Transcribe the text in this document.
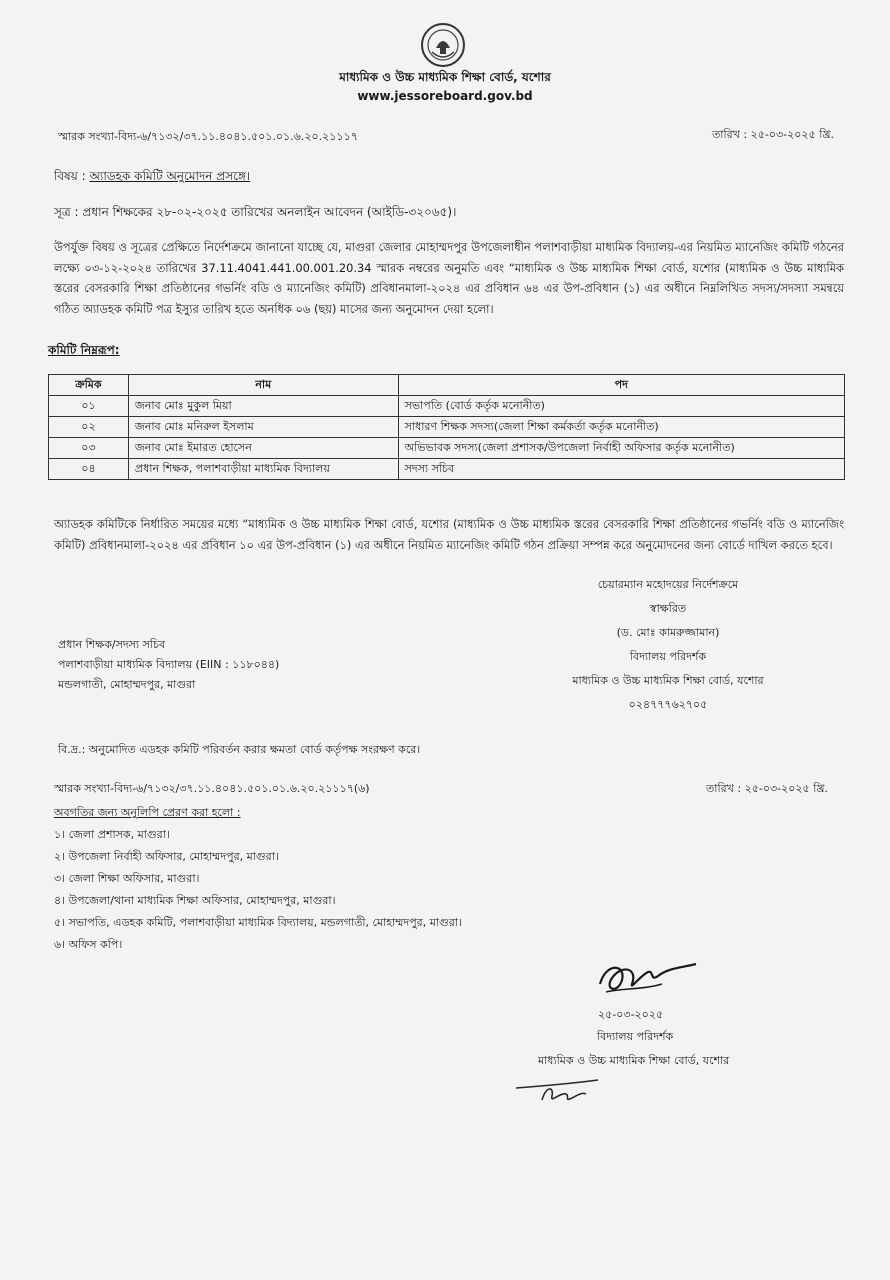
মাধ্যমিক ও উচ্চ মাধ্যমিক শিক্ষা বোর্ড, যশোর
www.jessoreboard.gov.bd
স্মারক সংখ্যা-বিদ্য-৬/৭১৩২/৩৭.১১.৪০৪১.৫০১.০১.৬.২০.২১১১৭	তারিখ : ২৫-০৩-২০২৫ খ্রি.
বিষয় : অ্যাডহক কমিটি অনুমোদন প্রসঙ্গে।
সূত্র : প্রধান শিক্ষকের ২৮-০২-২০২৫ তারিখের অনলাইন আবেদন (আইডি-৩২০৬৫)।
উপর্যুক্ত বিষয় ও সূত্রের প্রেক্ষিতে নির্দেশক্রমে জানানো যাচ্ছে যে, মাগুরা জেলার মোহাম্মদপুর উপজেলাধীন পলাশবাড়ীয়া মাধ্যমিক বিদ্যালয়-এর নিয়মিত ম্যানেজিং কমিটি গঠনের লক্ষ্যে ০৩-১২-২০২৪ তারিখের 37.11.4041.441.00.001.20.34 স্মারক নম্বরের অনুমতি এবং “মাধ্যমিক ও উচ্চ মাধ্যমিক শিক্ষা বোর্ড, যশোর (মাধ্যমিক ও উচ্চ মাধ্যমিক স্তরের বেসরকারি শিক্ষা প্রতিষ্ঠানের গভর্নিং বডি ও ম্যানেজিং কমিটি) প্রবিধানমালা-২০২৪ এর প্রবিধান ৬৪ এর উপ-প্রবিধান (১) এর অধীনে নিম্নলিখিত সদস্য/সদস্যা সমন্বয়ে গঠিত অ্যাডহক কমিটি পত্র ইস্যুর তারিখ হতে অনধিক ০৬ (ছয়) মাসের জন্য অনুমোদন দেয়া হলো।
কমিটি নিম্নরূপ:
ক্রমিক	নাম	পদ
০১	জনাব মোঃ মুকুল মিয়া	সভাপতি (বোর্ড কর্তৃক মনোনীত)
০২	জনাব মোঃ মনিরুল ইসলাম	সাধারণ শিক্ষক সদস্য(জেলা শিক্ষা কর্মকর্তা কর্তৃক মনোনীত)
০৩	জনাব মোঃ ইমারত হোসেন	অভিভাবক সদস্য(জেলা প্রশাসক/উপজেলা নির্বাহী অফিসার কর্তৃক মনোনীত)
০৪	প্রধান শিক্ষক, পলাশবাড়ীয়া মাধ্যমিক বিদ্যালয়	সদস্য সচিব
অ্যাডহক কমিটিকে নির্ধারিত সময়ের মধ্যে “মাধ্যমিক ও উচ্চ মাধ্যমিক শিক্ষা বোর্ড, যশোর (মাধ্যমিক ও উচ্চ মাধ্যমিক স্তরের বেসরকারি শিক্ষা প্রতিষ্ঠানের গভর্নিং বডি ও ম্যানেজিং কমিটি) প্রবিধানমালা-২০২৪ এর প্রবিধান ১০ এর উপ-প্রবিধান (১) এর অধীনে নিয়মিত ম্যানেজিং কমিটি গঠন প্রক্রিয়া সম্পন্ন করে অনুমোদনের জন্য বোর্ডে দাখিল করতে হবে।
চেয়ারম্যান মহোদয়ের নির্দেশক্রমে
স্বাক্ষরিত
(ড. মোঃ কামরুজ্জামান)
বিদ্যালয় পরিদর্শক
মাধ্যমিক ও উচ্চ মাধ্যমিক শিক্ষা বোর্ড, যশোর
০২৪৭৭৭৬২৭০৫
প্রধান শিক্ষক/সদস্য সচিব
পলাশবাড়ীয়া মাধ্যমিক বিদ্যালয় (EIIN : ১১৮০৪৪)
মন্ডলগাতী, মোহাম্মদপুর, মাগুরা
বি.দ্র.: অনুমোদিত এডহক কমিটি পরিবর্তন করার ক্ষমতা বোর্ড কর্তৃপক্ষ সংরক্ষণ করে।
স্মারক সংখ্যা-বিদ্য-৬/৭১৩২/৩৭.১১.৪০৪১.৫০১.০১.৬.২০.২১১১৭(৬)	তারিখ : ২৫-০৩-২০২৫ খ্রি.
অবগতির জন্য অনুলিপি প্রেরণ করা হলো :
১। জেলা প্রশাসক, মাগুরা।
২। উপজেলা নির্বাহী অফিসার, মোহাম্মদপুর, মাগুরা।
৩। জেলা শিক্ষা অফিসার, মাগুরা।
৪। উপজেলা/থানা মাধ্যমিক শিক্ষা অফিসার, মোহাম্মদপুর, মাগুরা।
৫। সভাপতি, এডহক কমিটি, পলাশবাড়ীয়া মাধ্যমিক বিদ্যালয়, মন্ডলগাতী, মোহাম্মদপুর, মাগুরা।
৬। অফিস কপি।
২৫-০৩-২০২৫
বিদ্যালয় পরিদর্শক
মাধ্যমিক ও উচ্চ মাধ্যমিক শিক্ষা বোর্ড, যশোর
